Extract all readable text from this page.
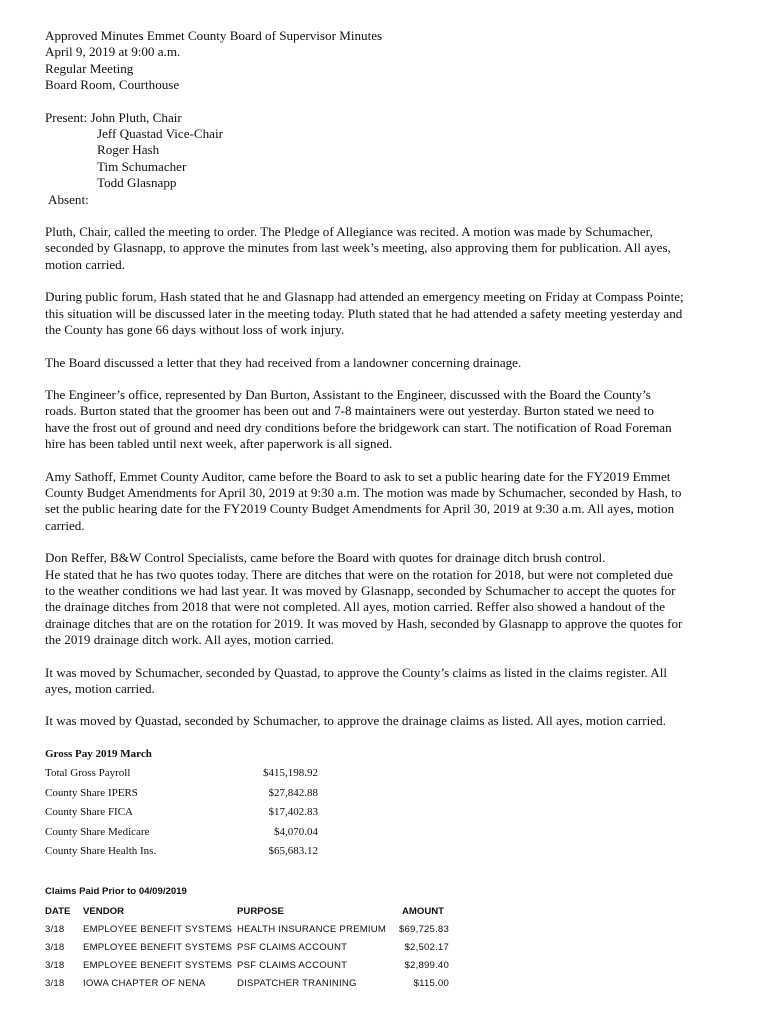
Approved Minutes Emmet County Board of Supervisor Minutes
April 9, 2019 at 9:00 a.m.
Regular Meeting
Board Room, Courthouse
Present: John Pluth, Chair
Jeff Quastad Vice-Chair
Roger Hash
Tim Schumacher
Todd Glasnapp
Absent:

Pluth, Chair, called the meeting to order. The Pledge of Allegiance was recited. A motion was made by Schumacher,
seconded by Glasnapp, to approve the minutes from last week’s meeting, also approving them for publication. All ayes,
motion carried.

During public forum, Hash stated that he and Glasnapp had attended an emergency meeting on Friday at Compass Pointe;
this situation will be discussed later in the meeting today. Pluth stated that he had attended a safety meeting yesterday and
the County has gone 66 days without loss of work injury.

The Board discussed a letter that they had received from a landowner concerning drainage.

The Engineer’s office, represented by Dan Burton, Assistant to the Engineer, discussed with the Board the County’s
roads. Burton stated that the groomer has been out and 7-8 maintainers were out yesterday. Burton stated we need to
have the frost out of ground and need dry conditions before the bridgework can start. The notification of Road Foreman
hire has been tabled until next week, after paperwork is all signed.

Amy Sathoff, Emmet County Auditor, came before the Board to ask to set a public hearing date for the FY2019 Emmet
County Budget Amendments for April 30, 2019 at 9:30 a.m. The motion was made by Schumacher, seconded by Hash, to
set the public hearing date for the FY2019 County Budget Amendments for April 30, 2019 at 9:30 a.m. All ayes, motion
carried.

Don Reffer, B&W Control Specialists, came before the Board with quotes for drainage ditch brush control.
He stated that he has two quotes today. There are ditches that were on the rotation for 2018, but were not completed due
to the weather conditions we had last year. It was moved by Glasnapp, seconded by Schumacher to accept the quotes for
the drainage ditches from 2018 that were not completed. All ayes, motion carried. Reffer also showed a handout of the
drainage ditches that are on the rotation for 2019. It was moved by Hash, seconded by Glasnapp to approve the quotes for
the 2019 drainage ditch work. All ayes, motion carried.

It was moved by Schumacher, seconded by Quastad, to approve the County’s claims as listed in the claims register. All
ayes, motion carried.

It was moved by Quastad, seconded by Schumacher, to approve the drainage claims as listed. All ayes, motion carried.

Gross Pay 2019 March
Total Gross Payroll	$415,198.92
County Share IPERS	$27,842.88
County Share FICA	$17,402.83
County Share Medicare	$4,070.04
County Share Health Ins.	$65,683.12
Claims Paid Prior to 04/09/2019
DATE	VENDOR	PURPOSE	AMOUNT
3/18	EMPLOYEE BENEFIT SYSTEMS	HEALTH INSURANCE PREMIUM	$69,725.83
3/18	EMPLOYEE BENEFIT SYSTEMS	PSF CLAIMS ACCOUNT	$2,502.17
3/18	EMPLOYEE BENEFIT SYSTEMS	PSF CLAIMS ACCOUNT	$2,899.40
3/18	IOWA CHAPTER OF NENA	DISPATCHER TRANINING	$115.00
